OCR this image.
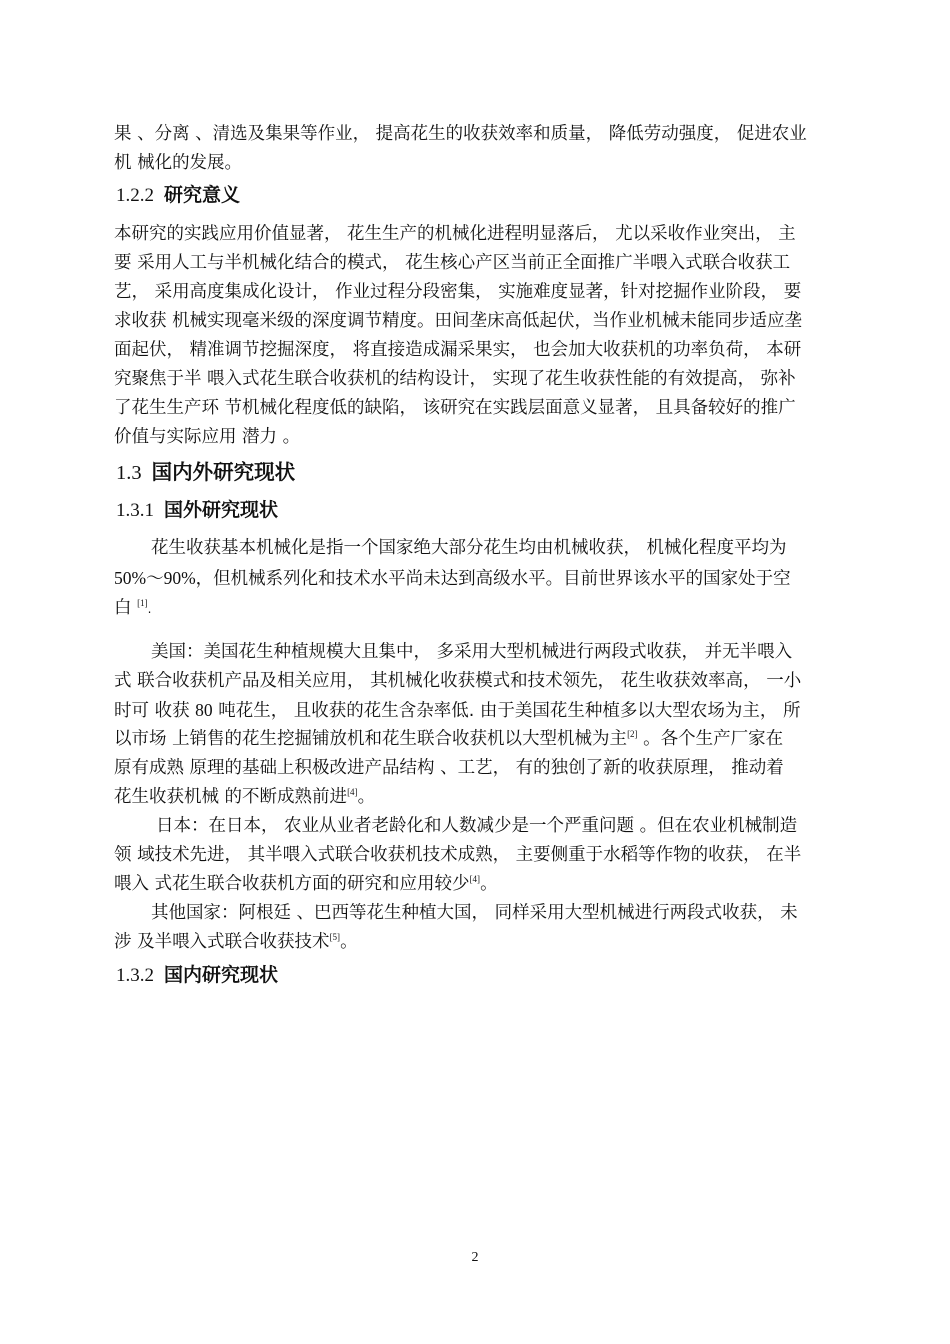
果 、分离 、清选及集果等作业， 提高花生的收获效率和质量， 降低劳动强度， 促进农业
机 械化的发展。
1.2.2 研究意义
本研究的实践应用价值显著， 花生生产的机械化进程明显落后， 尤以采收作业突出， 主
要 采用人工与半机械化结合的模式， 花生核心产区当前正全面推广半喂入式联合收获工
艺， 采用高度集成化设计， 作业过程分段密集， 实施难度显著，针对挖掘作业阶段， 要
求收获 机械实现毫米级的深度调节精度。田间垄床高低起伏，当作业机械未能同步适应垄
面起伏， 精准调节挖掘深度， 将直接造成漏采果实， 也会加大收获机的功率负荷， 本研
究聚焦于半 喂入式花生联合收获机的结构设计， 实现了花生收获性能的有效提高， 弥补
了花生生产环 节机械化程度低的缺陷， 该研究在实践层面意义显著， 且具备较好的推广
价值与实际应用 潜力 。
1.3 国内外研究现状
1.3.1 国外研究现状
花生收获基本机械化是指一个国家绝大部分花生均由机械收获， 机械化程度平均为
50%～90%，但机械系列化和技术水平尚未达到高级水平。目前世界该水平的国家处于空
白 [1].
美国：美国花生种植规模大且集中， 多采用大型机械进行两段式收获， 并无半喂入
式 联合收获机产品及相关应用， 其机械化收获模式和技术领先， 花生收获效率高， 一小
时可 收获 80 吨花生， 且收获的花生含杂率低. 由于美国花生种植多以大型农场为主， 所
以市场 上销售的花生挖掘铺放机和花生联合收获机以大型机械为主[2] 。各个生产厂家在
原有成熟 原理的基础上积极改进产品结构 、工艺， 有的独创了新的收获原理， 推动着
花生收获机械 的不断成熟前进[4]。
日本：在日本， 农业从业者老龄化和人数减少是一个严重问题 。但在农业机械制造
领 域技术先进， 其半喂入式联合收获机技术成熟， 主要侧重于水稻等作物的收获， 在半
喂入 式花生联合收获机方面的研究和应用较少[4]。
其他国家：阿根廷 、巴西等花生种植大国， 同样采用大型机械进行两段式收获， 未
涉 及半喂入式联合收获技术[5]。
1.3.2 国内研究现状
2
